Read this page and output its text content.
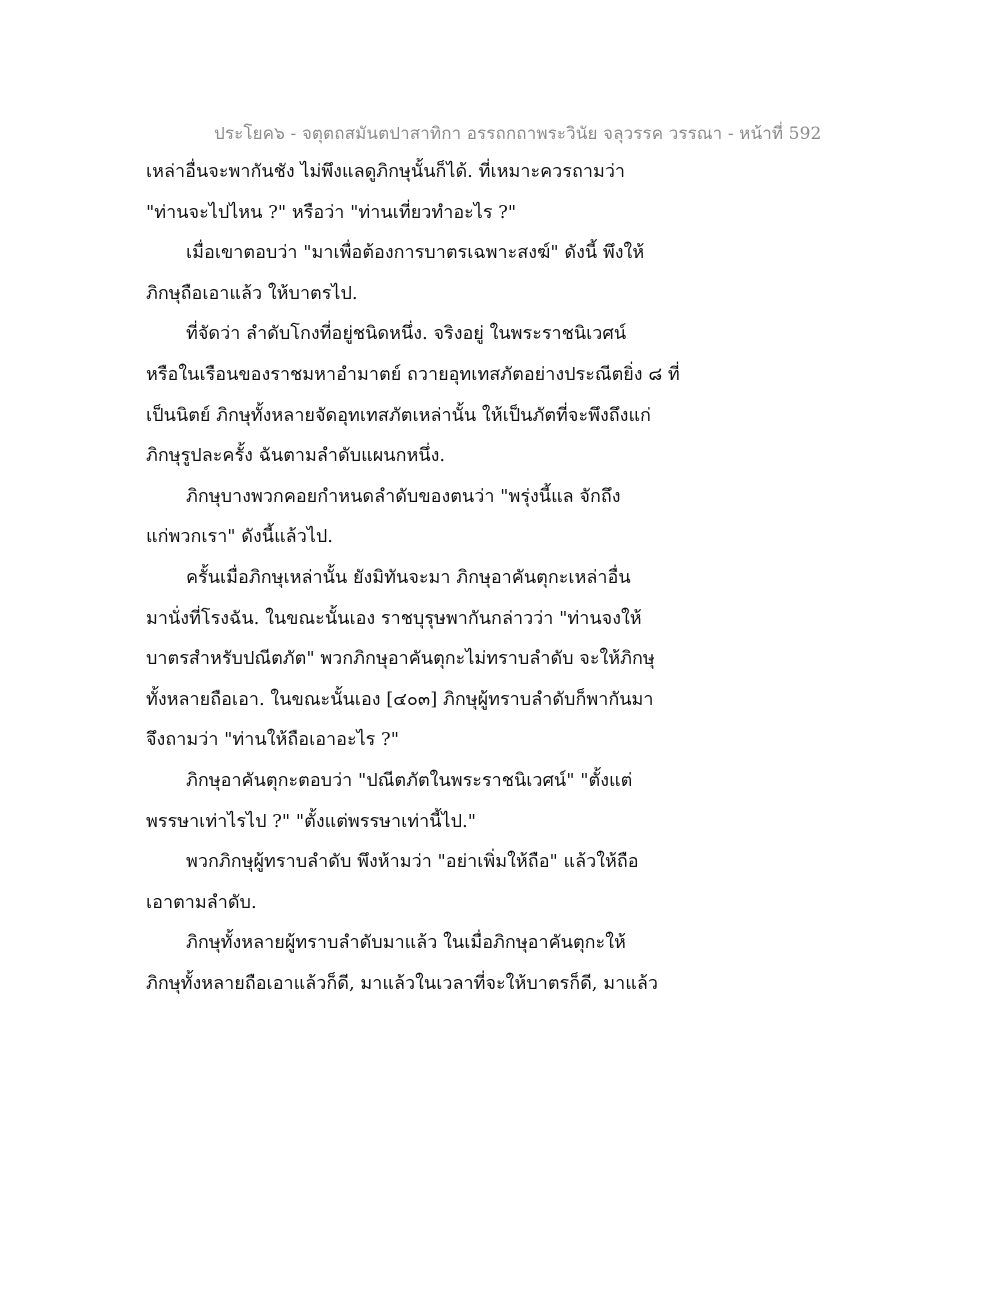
ประโยค๖ - จตุตถสมันตปาสาทิกา อรรถกถาพระวินัย จลุวรรค วรรณา - หน้าที่ 592
เหล่าอื่นจะพากันชัง ไม่พึงแลดูภิกษุนั้นก็ได้. ที่เหมาะควรถามว่า
"ท่านจะไปไหน ?" หรือว่า "ท่านเที่ยวทำอะไร ?"
เมื่อเขาตอบว่า "มาเพื่อต้องการบาตรเฉพาะสงฆ์" ดังนี้ พึงให้
ภิกษุถือเอาแล้ว ให้บาตรไป.
ที่จัดว่า ลำดับโกงที่อยู่ชนิดหนึ่ง. จริงอยู่ ในพระราชนิเวศน์
หรือในเรือนของราชมหาอำมาตย์ ถวายอุทเทสภัตอย่างประณีตยิ่ง ๘ ที่
เป็นนิตย์ ภิกษุทั้งหลายจัดอุทเทสภัตเหล่านั้น ให้เป็นภัตที่จะพึงถึงแก่
ภิกษุรูปละครั้ง ฉันตามลำดับแผนกหนึ่ง.
ภิกษุบางพวกคอยกำหนดลำดับของตนว่า "พรุ่งนี้แล จักถึง
แก่พวกเรา" ดังนี้แล้วไป.
ครั้นเมื่อภิกษุเหล่านั้น ยังมิทันจะมา ภิกษุอาคันตุกะเหล่าอื่น
มานั่งที่โรงฉัน. ในขณะนั้นเอง ราชบุรุษพากันกล่าวว่า "ท่านจงให้
บาตรสำหรับปณีตภัต" พวกภิกษุอาคันตุกะไม่ทราบลำดับ จะให้ภิกษุ
ทั้งหลายถือเอา. ในขณะนั้นเอง [๔๐๓] ภิกษุผู้ทราบลำดับก็พากันมา
จึงถามว่า "ท่านให้ถือเอาอะไร ?"
ภิกษุอาคันตุกะตอบว่า "ปณีตภัตในพระราชนิเวศน์" "ตั้งแต่
พรรษาเท่าไรไป ?" "ตั้งแต่พรรษาเท่านี้ไป."
พวกภิกษุผู้ทราบลำดับ พึงห้ามว่า "อย่าเพิ่มให้ถือ" แล้วให้ถือ
เอาตามลำดับ.
ภิกษุทั้งหลายผู้ทราบลำดับมาแล้ว ในเมื่อภิกษุอาคันตุกะให้
ภิกษุทั้งหลายถือเอาแล้วก็ดี, มาแล้วในเวลาที่จะให้บาตรก็ดี, มาแล้ว
